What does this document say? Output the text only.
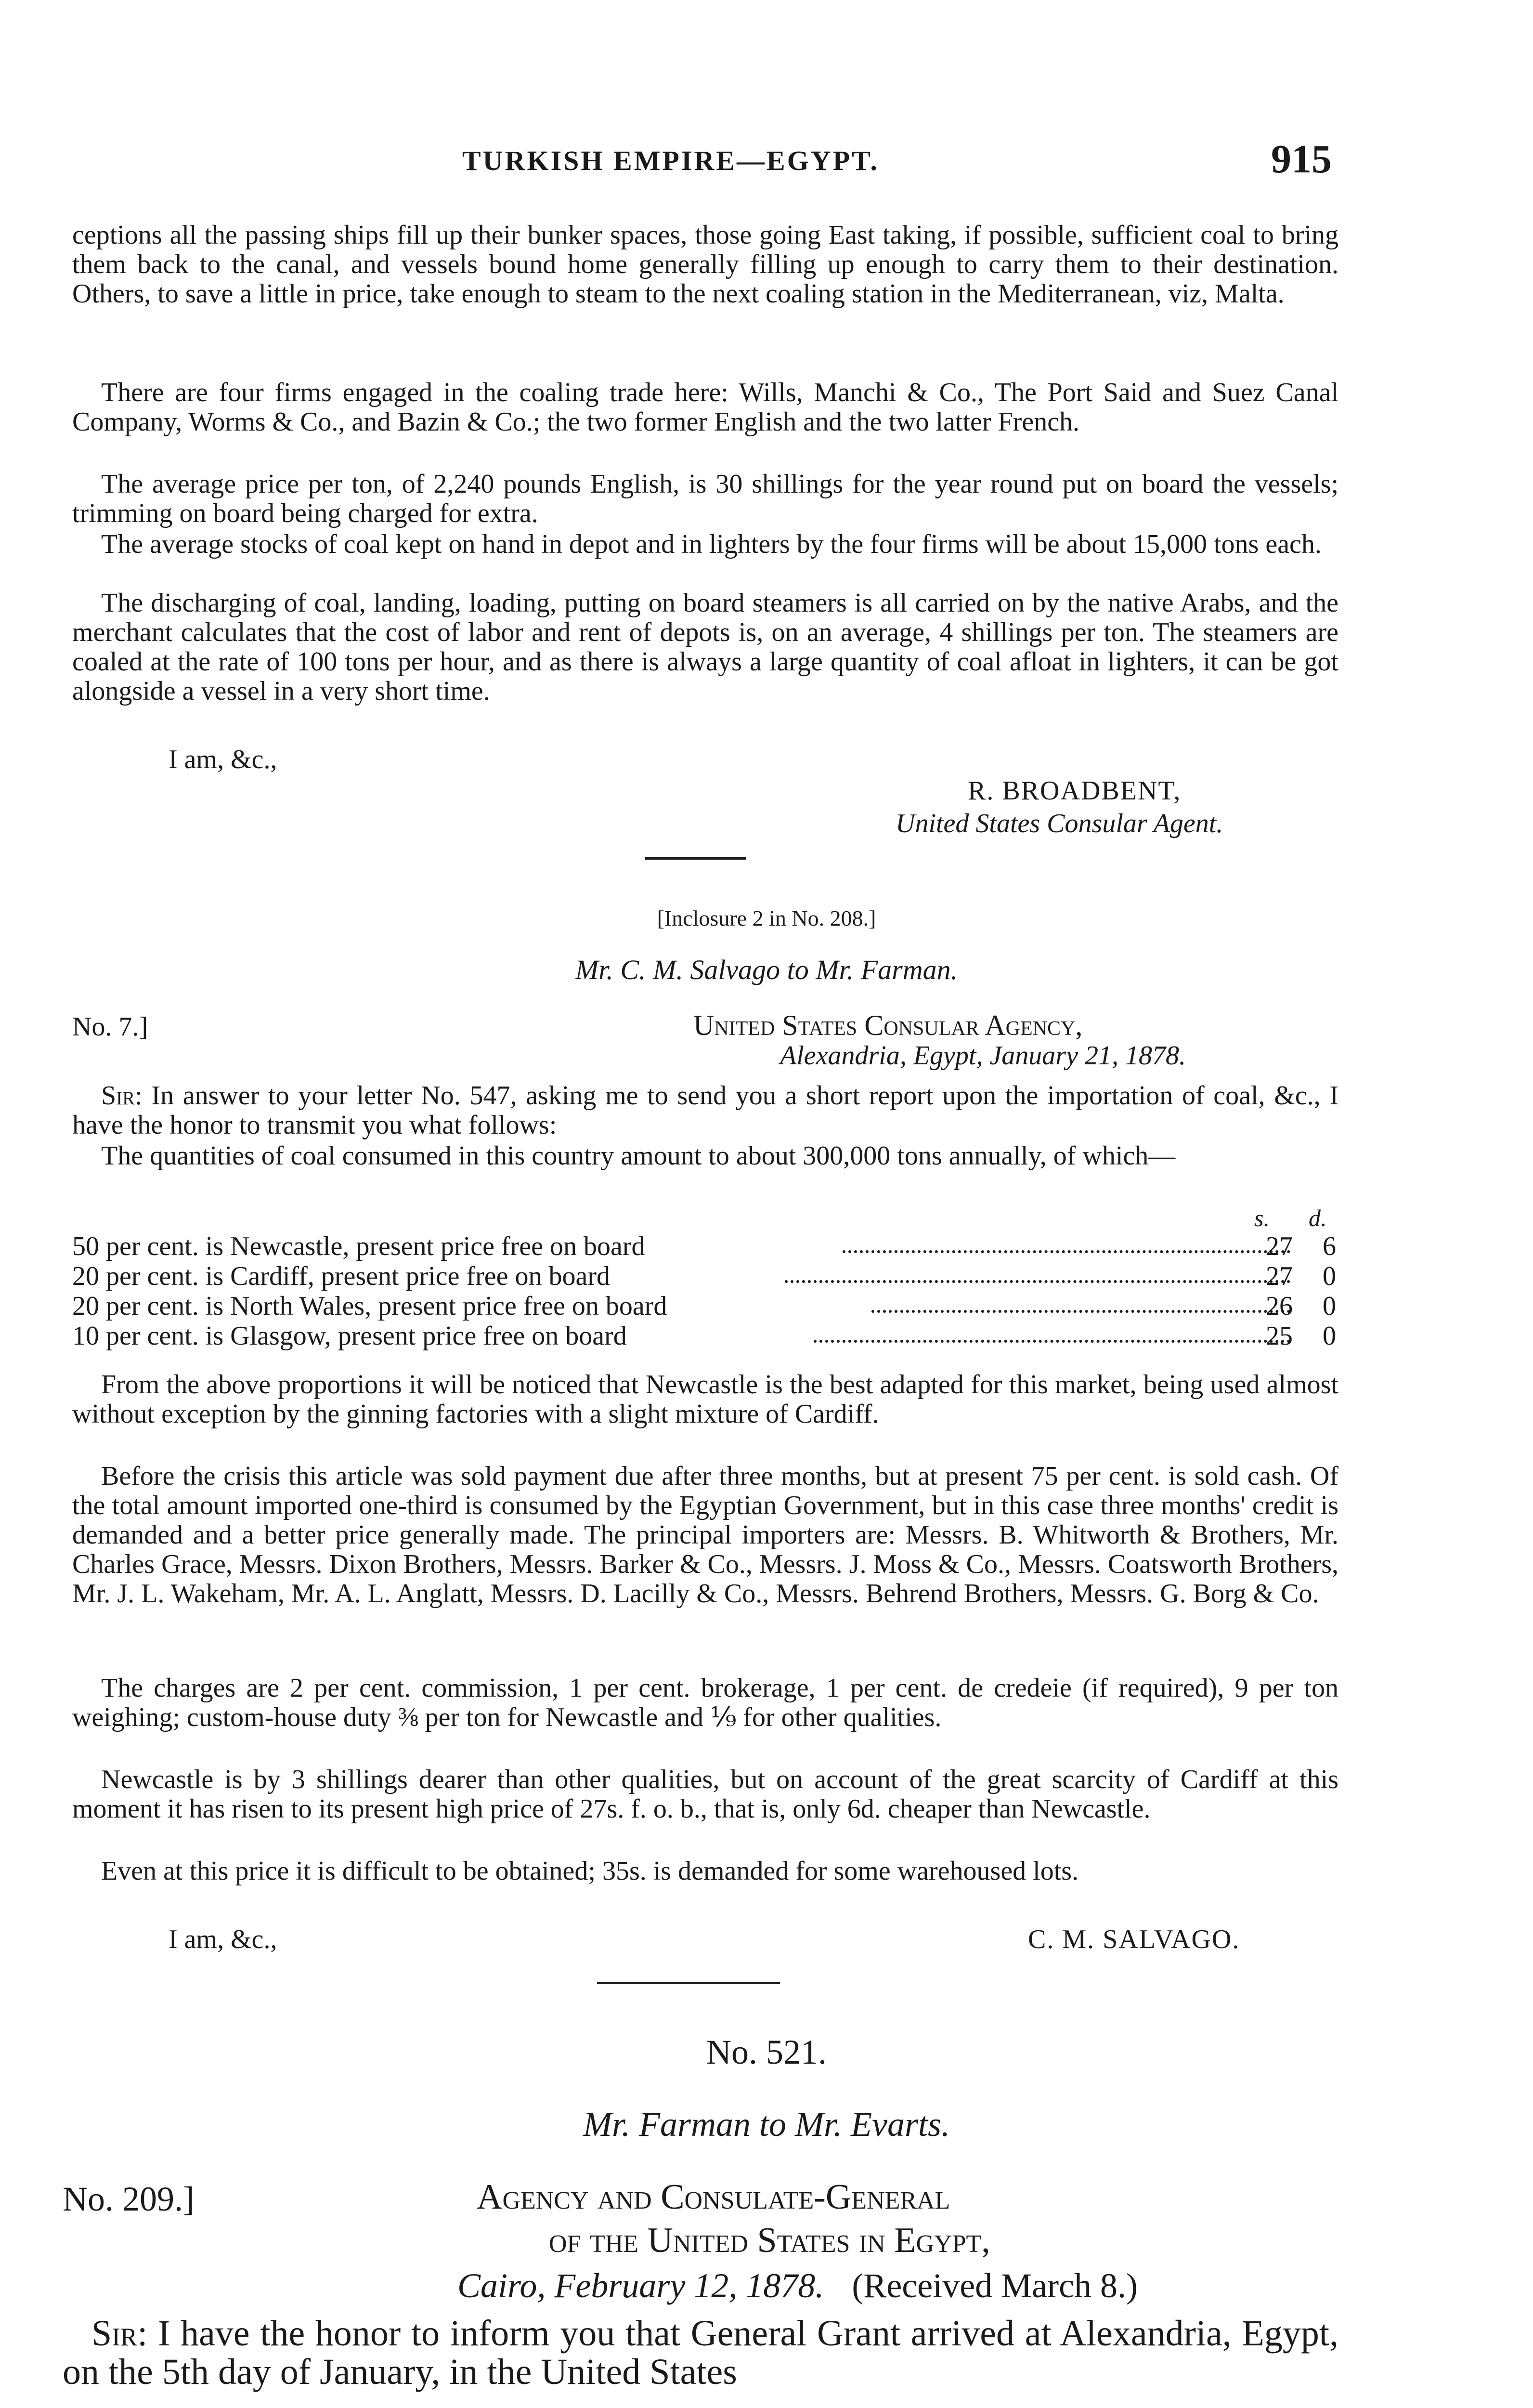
TURKISH EMPIRE—EGYPT.	915

ceptions all the passing ships fill up their bunker spaces, those going East taking, if possible, sufficient coal to bring them back to the canal, and vessels bound home generally filling up enough to carry them to their destination. Others, to save a little in price, take enough to steam to the next coaling station in the Mediterranean, viz, Malta.

There are four firms engaged in the coaling trade here: Wills, Manchi & Co., The Port Said and Suez Canal Company, Worms & Co., and Bazin & Co.; the two former English and the two latter French.

The average price per ton, of 2,240 pounds English, is 30 shillings for the year round put on board the vessels; trimming on board being charged for extra.

The average stocks of coal kept on hand in depot and in lighters by the four firms will be about 15,000 tons each.

The discharging of coal, landing, loading, putting on board steamers is all carried on by the native Arabs, and the merchant calculates that the cost of labor and rent of depots is, on an average, 4 shillings per ton. The steamers are coaled at the rate of 100 tons per hour, and as there is always a large quantity of coal afloat in lighters, it can be got alongside a vessel in a very short time.

I am, &c.,
R. BROADBENT,
United States Consular Agent.
[Inclosure 2 in No. 208.]
Mr. C. M. Salvago to Mr. Farman.
No. 7.]	United States Consular Agency,
Alexandria, Egypt, January 21, 1878.

Sir: In answer to your letter No. 547, asking me to send you a short report upon the importation of coal, &c., I have the honor to transmit you what follows:

The quantities of coal consumed in this country amount to about 300,000 tons annually, of which—

s. d.
50 per cent. is Newcastle, present price free on board	27	6
20 per cent. is Cardiff, present price free on board	27	0
20 per cent. is North Wales, present price free on board	26	0
10 per cent. is Glasgow, present price free on board	25	0

From the above proportions it will be noticed that Newcastle is the best adapted for this market, being used almost without exception by the ginning factories with a slight mixture of Cardiff.

Before the crisis this article was sold payment due after three months, but at present 75 per cent. is sold cash. Of the total amount imported one-third is consumed by the Egyptian Government, but in this case three months' credit is demanded and a better price generally made. The principal importers are: Messrs. B. Whitworth & Brothers, Mr. Charles Grace, Messrs. Dixon Brothers, Messrs. Barker & Co., Messrs. J. Moss & Co., Messrs. Coatsworth Brothers, Mr. J. L. Wakeham, Mr. A. L. Anglatt, Messrs. D. Lacilly & Co., Messrs. Behrend Brothers, Messrs. G. Borg & Co.

The charges are 2 per cent. commission, 1 per cent. brokerage, 1 per cent. de credeie (if required), 9 per ton weighing; custom-house duty ⅜ per ton for Newcastle and ⅑ for other qualities.

Newcastle is by 3 shillings dearer than other qualities, but on account of the great scarcity of Cardiff at this moment it has risen to its present high price of 27s. f. o. b., that is, only 6d. cheaper than Newcastle.

Even at this price it is difficult to be obtained; 35s. is demanded for some warehoused lots.

I am, &c.,	C. M. SALVAGO.
No. 521.
Mr. Farman to Mr. Evarts.
No. 209.]	Agency and Consulate-General
of the United States in Egypt,
Cairo, February 12, 1878. (Received March 8.)

Sir: I have the honor to inform you that General Grant arrived at Alexandria, Egypt, on the 5th day of January, in the United States
